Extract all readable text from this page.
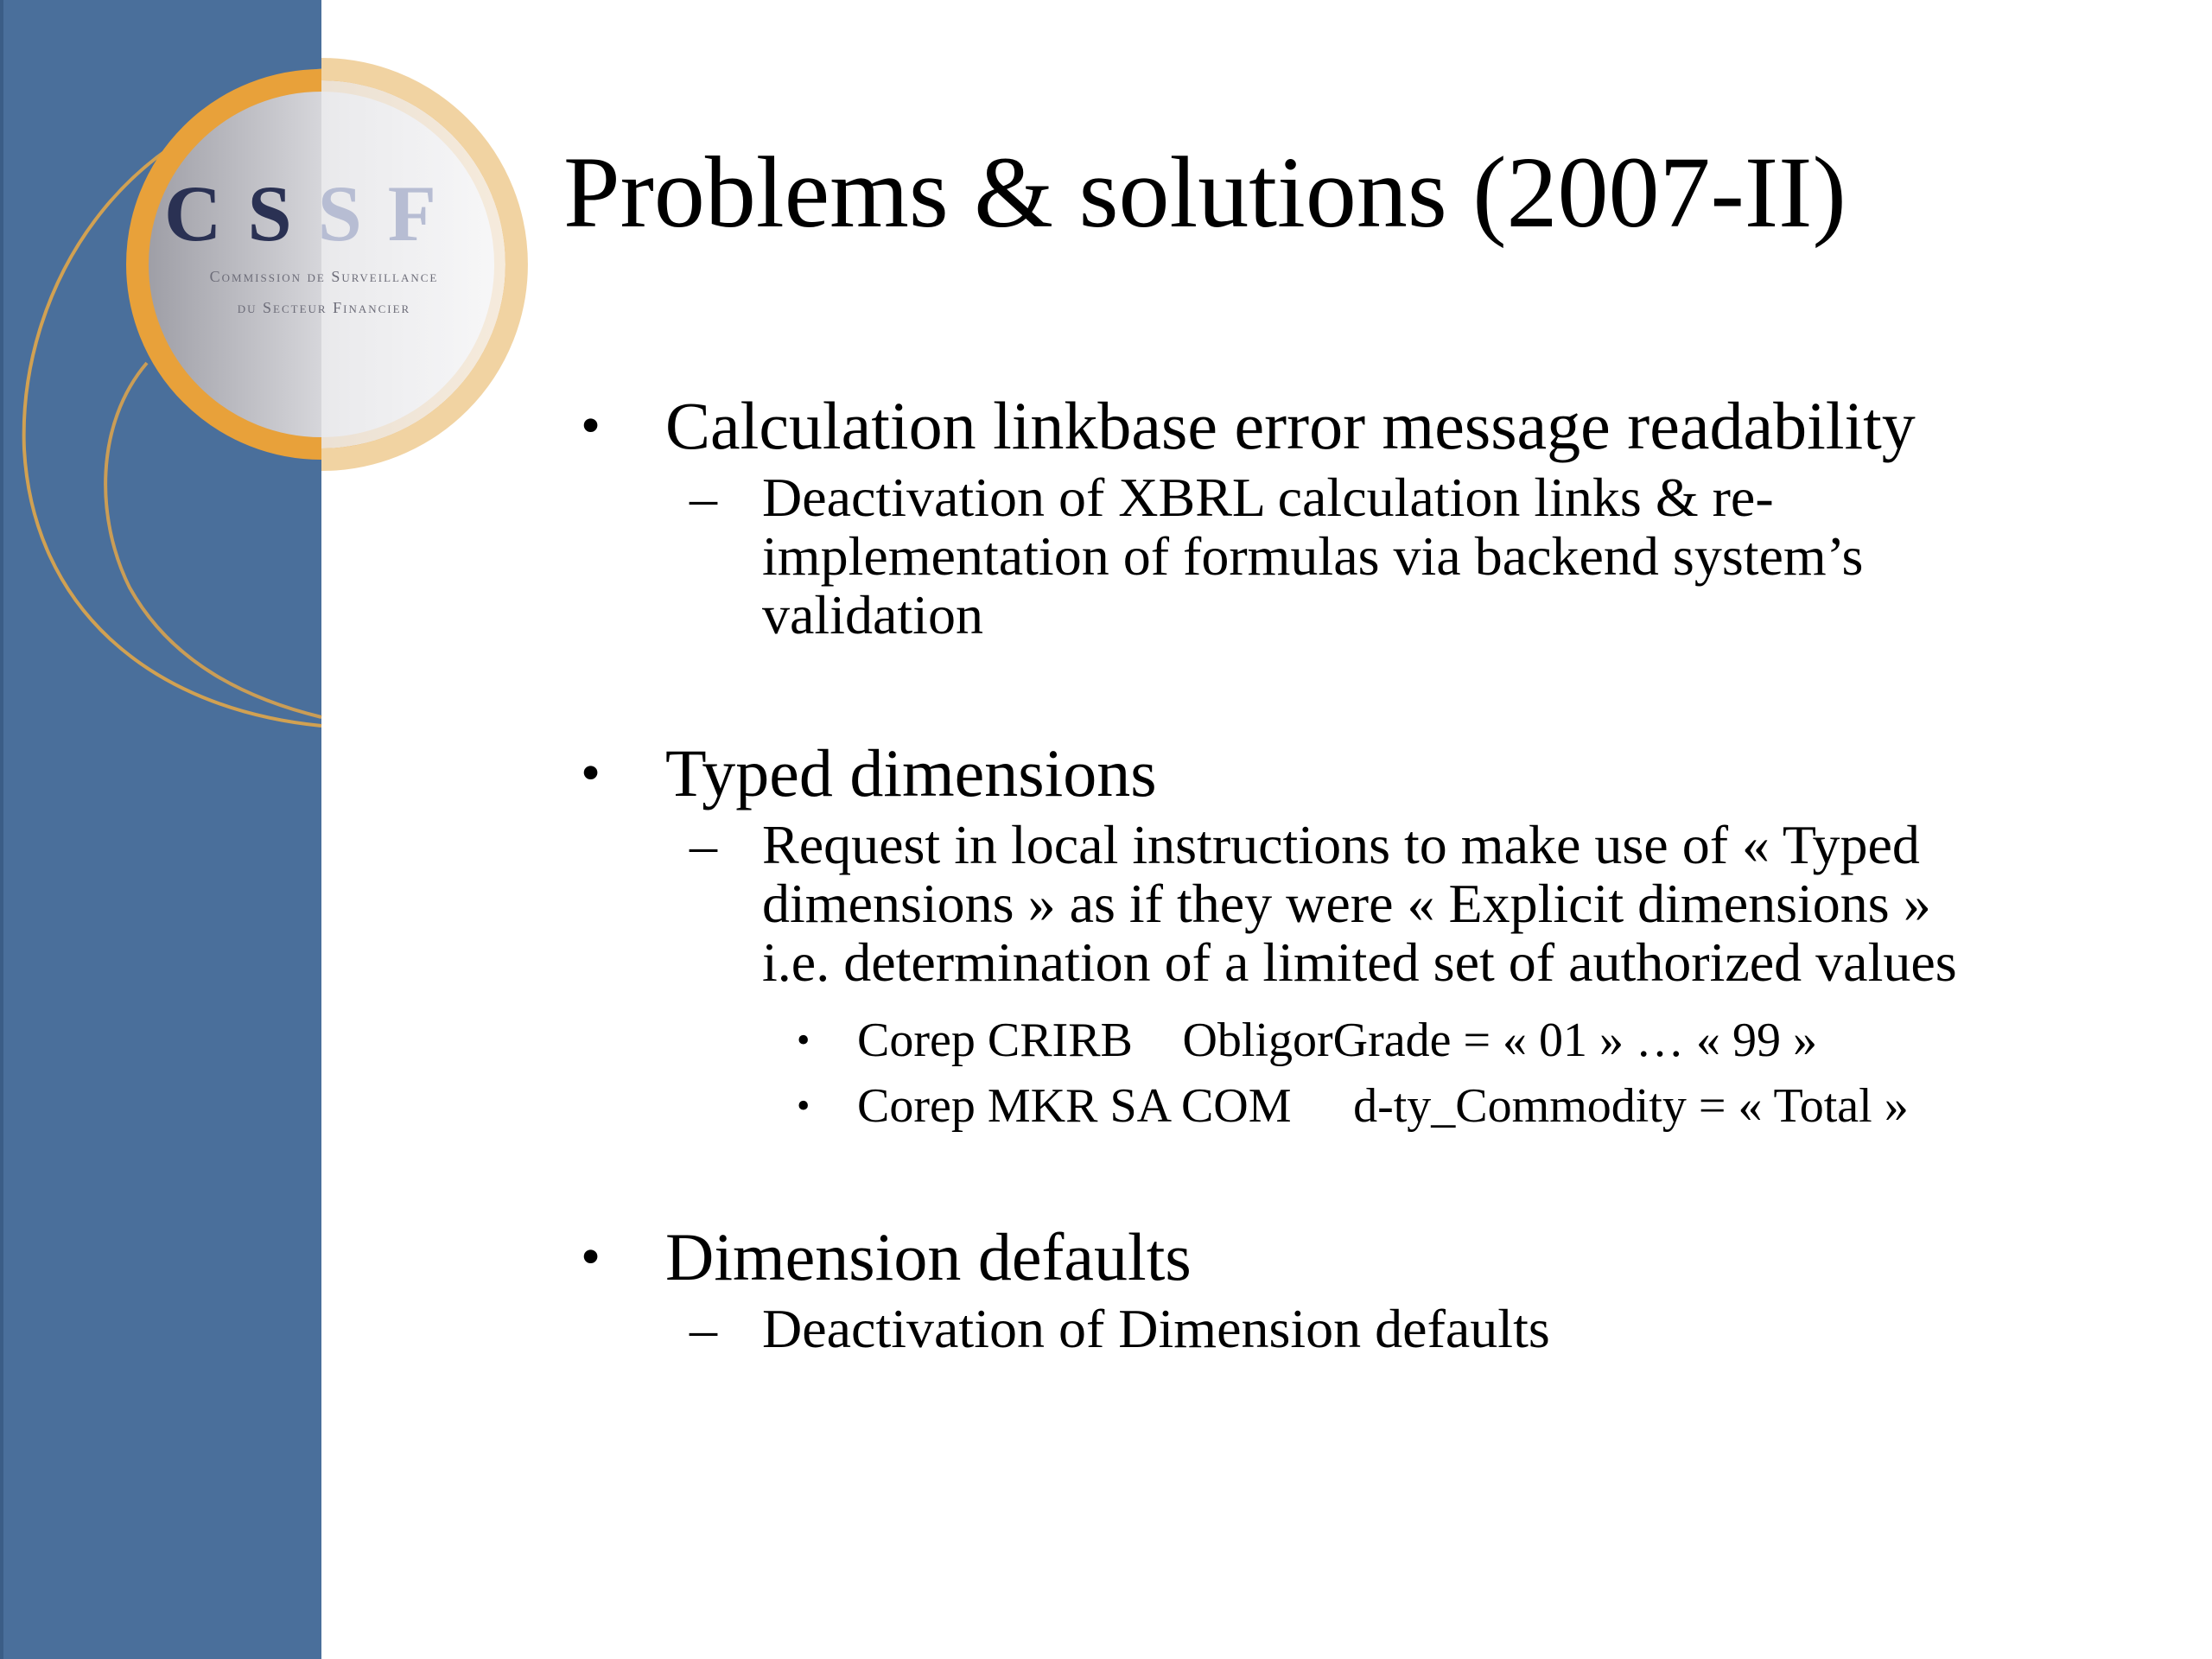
CSSF
Commission de Surveillance
du Secteur Financier
Problems & solutions (2007-II)
• Calculation linkbase error message readability
– Deactivation of XBRL calculation links & re-
implementation of formulas via backend system’s
validation
• Typed dimensions
– Request in local instructions to make use of « Typed
dimensions » as if they were « Explicit dimensions »
i.e. determination of a limited set of authorized values
• Corep CRIRB ObligorGrade = « 01 » … « 99 »
• Corep MKR SA COM d-ty_Commodity = « Total »
• Dimension defaults
– Deactivation of Dimension defaults
